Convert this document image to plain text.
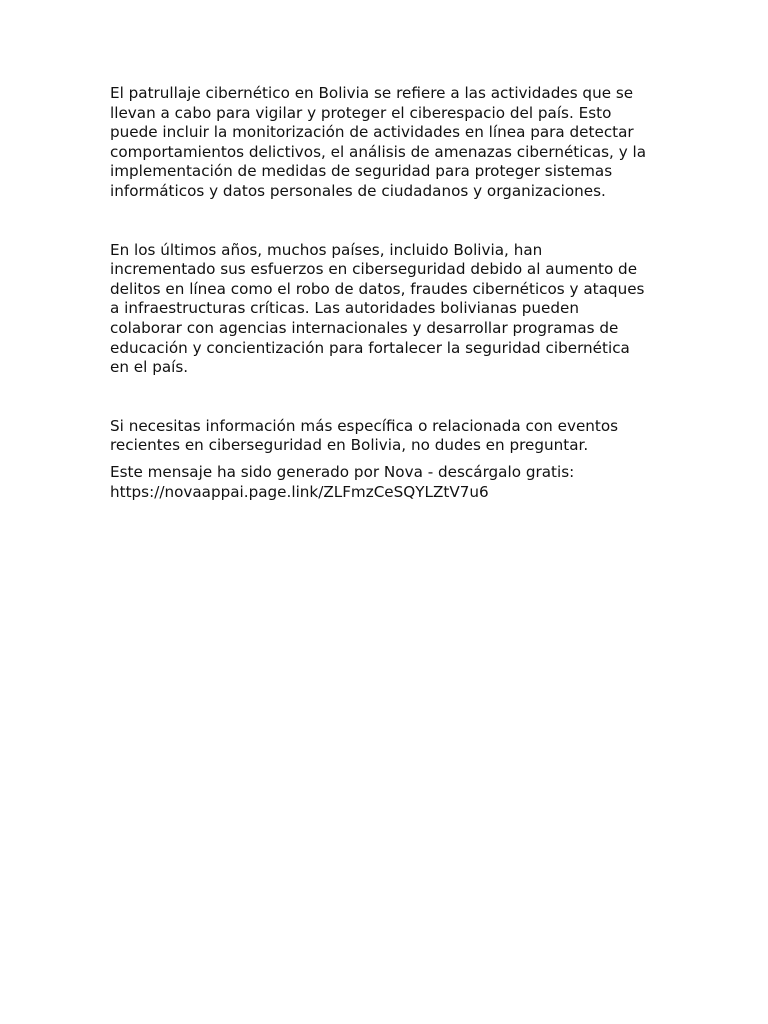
El patrullaje cibernético en Bolivia se refiere a las actividades que se
llevan a cabo para vigilar y proteger el ciberespacio del país. Esto
puede incluir la monitorización de actividades en línea para detectar
comportamientos delictivos, el análisis de amenazas cibernéticas, y la
implementación de medidas de seguridad para proteger sistemas
informáticos y datos personales de ciudadanos y organizaciones.

En los últimos años, muchos países, incluido Bolivia, han
incrementado sus esfuerzos en ciberseguridad debido al aumento de
delitos en línea como el robo de datos, fraudes cibernéticos y ataques
a infraestructuras críticas. Las autoridades bolivianas pueden
colaborar con agencias internacionales y desarrollar programas de
educación y concientización para fortalecer la seguridad cibernética
en el país.

Si necesitas información más específica o relacionada con eventos
recientes en ciberseguridad en Bolivia, no dudes en preguntar.

Este mensaje ha sido generado por Nova - descárgalo gratis:
https://novaappai.page.link/ZLFmzCeSQYLZtV7u6
